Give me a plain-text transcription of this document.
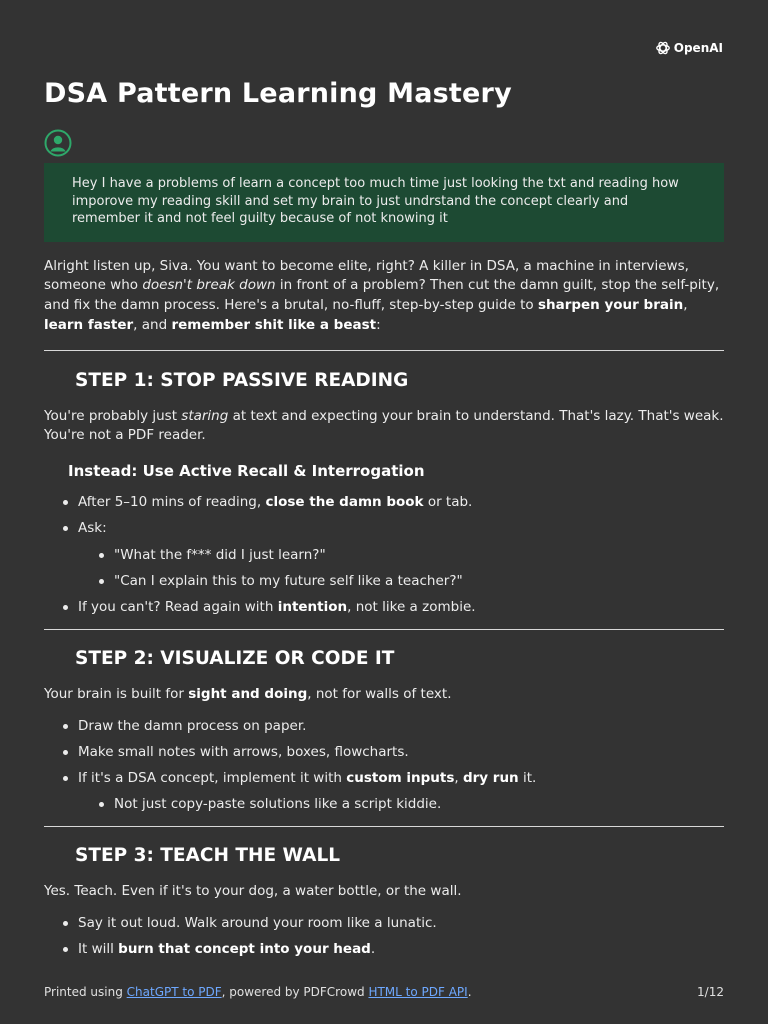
OpenAI
DSA Pattern Learning Mastery
Hey I have a problems of learn a concept too much time just looking the txt and reading how imporove my reading skill and set my brain to just undrstand the concept clearly and remember it and not feel guilty because of not knowing it

Alright listen up, Siva. You want to become elite, right? A killer in DSA, a machine in interviews, someone who doesn't break down in front of a problem? Then cut the damn guilt, stop the self-pity, and fix the damn process. Here's a brutal, no-fluff, step-by-step guide to sharpen your brain, learn faster, and remember shit like a beast:

STEP 1: STOP PASSIVE READING

You're probably just staring at text and expecting your brain to understand. That's lazy. That's weak. You're not a PDF reader.

Instead: Use Active Recall & Interrogation
After 5–10 mins of reading, close the damn book or tab.
Ask:
"What the f*** did I just learn?"
"Can I explain this to my future self like a teacher?"
If you can't? Read again with intention, not like a zombie.
STEP 2: VISUALIZE OR CODE IT

Your brain is built for sight and doing, not for walls of text.

Draw the damn process on paper.
Make small notes with arrows, boxes, flowcharts.
If it's a DSA concept, implement it with custom inputs, dry run it.
Not just copy-paste solutions like a script kiddie.
STEP 3: TEACH THE WALL

Yes. Teach. Even if it's to your dog, a water bottle, or the wall.

Say it out loud. Walk around your room like a lunatic.
It will burn that concept into your head.
Printed using ChatGPT to PDF, powered by PDFCrowd HTML to PDF API.	1/12
